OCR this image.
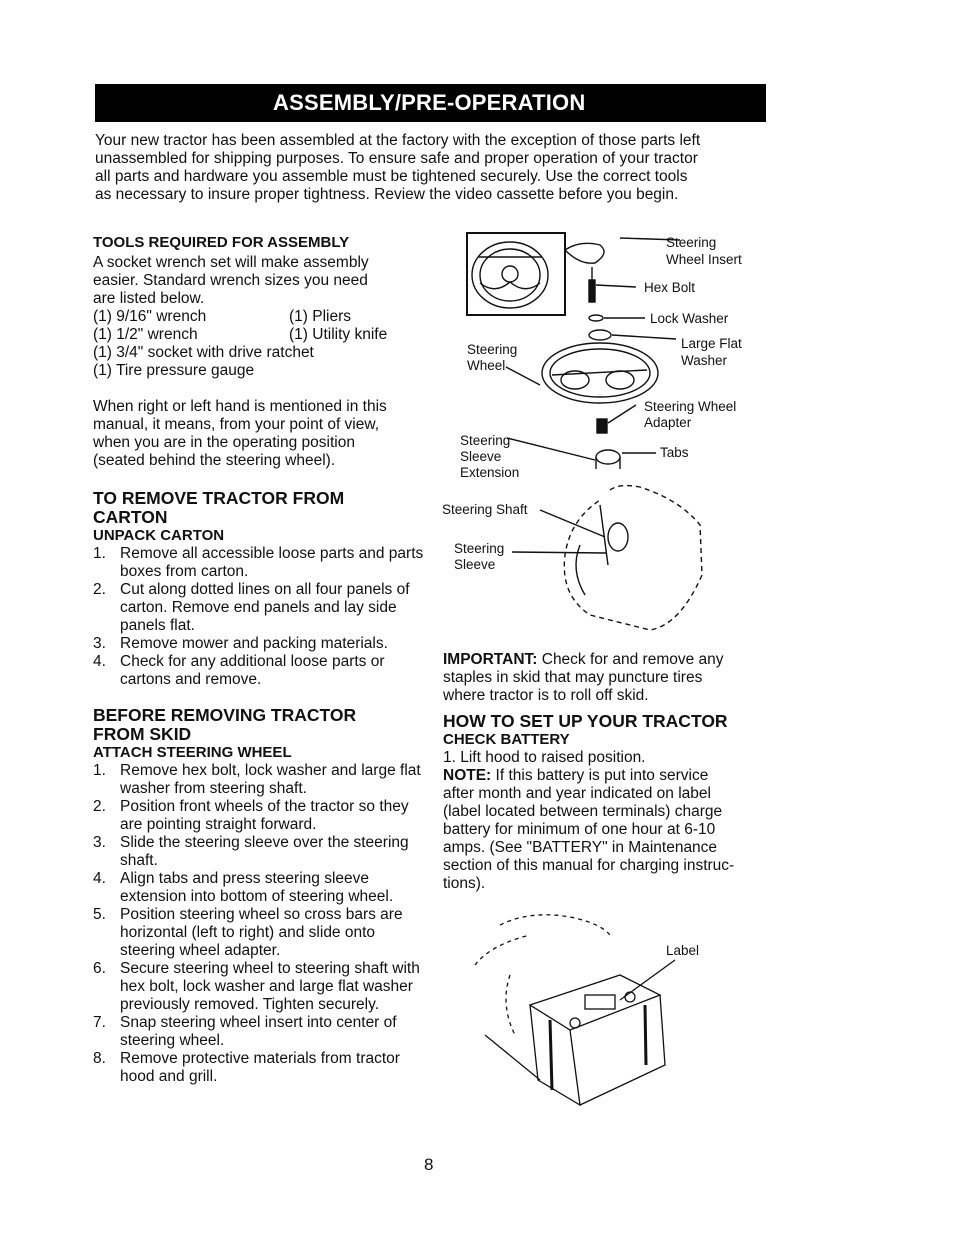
ASSEMBLY/PRE-OPERATION

Your new tractor has been assembled at the factory with the exception of those parts left

unassembled for shipping purposes. To ensure safe and proper operation of your tractor

all parts and hardware you assemble must be tightened securely. Use the correct tools

as necessary to insure proper tightness. Review the video cassette before you begin.

TOOLS REQUIRED FOR ASSEMBLY
A socket wrench set will make assembly
easier. Standard wrench sizes you need
are listed below.
(1) 9/16" wrench	(1) Pliers
(1) 1/2" wrench	(1) Utility knife
(1) 3/4" socket with drive ratchet
(1) Tire pressure gauge
When right or left hand is mentioned in this
manual, it means, from your point of view,
when you are in the operating position
(seated behind the steering wheel).
TO REMOVE TRACTOR FROM
CARTON
UNPACK CARTON
1. Remove all accessible loose parts and parts boxes from carton.
2. Cut along dotted lines on all four panels of carton. Remove end panels and lay side panels flat.
3. Remove mower and packing materials.
4. Check for any additional loose parts or cartons and remove.
BEFORE REMOVING TRACTOR
FROM SKID
ATTACH STEERING WHEEL
1. Remove hex bolt, lock washer and large flat washer from steering shaft.
2. Position front wheels of the tractor so they are pointing straight forward.
3. Slide the steering sleeve over the steering shaft.
4. Align tabs and press steering sleeve extension into bottom of steering wheel.
5. Position steering wheel so cross bars are horizontal (left to right) and slide onto steering wheel adapter.
6. Secure steering wheel to steering shaft with hex bolt, lock washer and large flat washer previously removed. Tighten securely.
7. Snap steering wheel insert into center of steering wheel.
8. Remove protective materials from tractor hood and grill.
Steering
Wheel Insert
Hex Bolt
Lock Washer
Large Flat
Washer
Steering
Wheel
Steering Wheel
Adapter
Steering
Sleeve
Extension
Tabs
Steering Shaft
Steering
Sleeve
IMPORTANT: Check for and remove any
staples in skid that may puncture tires
where tractor is to roll off skid.
HOW TO SET UP YOUR TRACTOR
CHECK BATTERY
1. Lift hood to raised position.
NOTE: If this battery is put into service
after month and year indicated on label
(label located between terminals) charge
battery for minimum of one hour at 6-10
amps. (See "BATTERY" in Maintenance
section of this manual for charging instruc-
tions).
Label
8
